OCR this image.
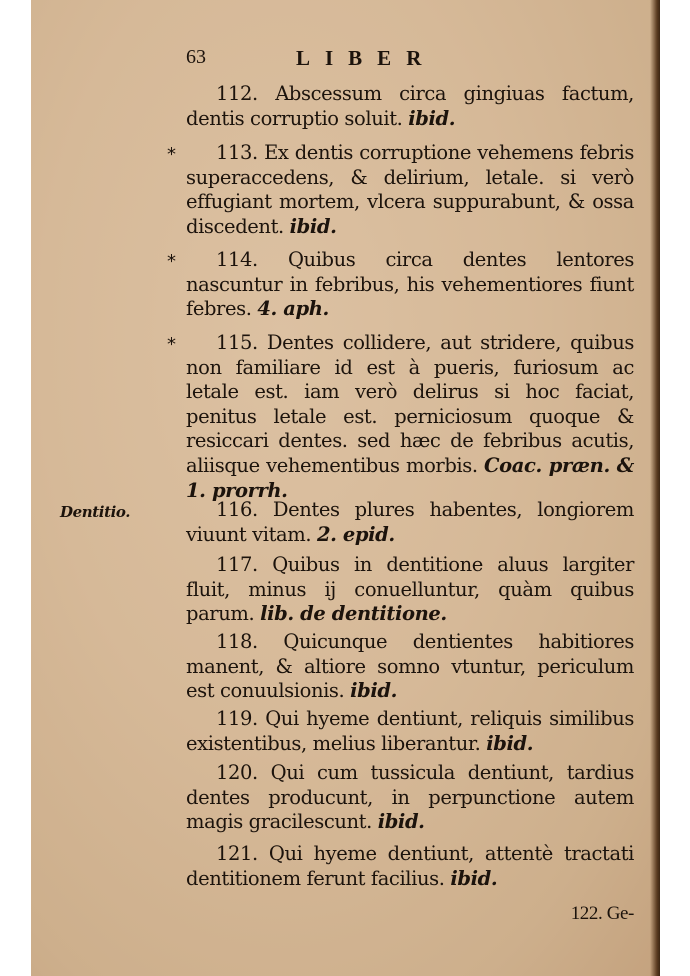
63	LIBER
112. Abscessum circa gingiuas factum, dentis corruptio soluit. ibid.
* 113. Ex dentis corruptione vehemens febris superaccedens, & delirium, letale. si verò effugiant mortem, vlcera suppurabunt, & ossa discedent. ibid.
* 114. Quibus circa dentes lentores nascuntur in febribus, his vehementiores fiunt febres. 4. aph.
* 115. Dentes collidere, aut stridere, quibus non familiare id est à pueris, furiosum ac letale est. iam verò delirus si hoc faciat, penitus letale est. perniciosum quoque & resiccari dentes. sed hæc de febribus acutis, aliisque vehementibus morbis. Coac. præn. & 1. prorrh.
Dentitio.	116. Dentes plures habentes, longiorem viuunt vitam. 2. epid.
117. Quibus in dentitione aluus largiter fluit, minus ij conuelluntur, quàm quibus parum. lib. de dentitione.
118. Quicunque dentientes habitiores manent, & altiore somno vtuntur, periculum est conuulsionis. ibid.
119. Qui hyeme dentiunt, reliquis similibus existentibus, melius liberantur. ibid.
120. Qui cum tussicula dentiunt, tardius dentes producunt, in perpunctione autem magis gracilescunt. ibid.
121. Qui hyeme dentiunt, attentè tractati dentitionem ferunt facilius. ibid.
122. Ge-
